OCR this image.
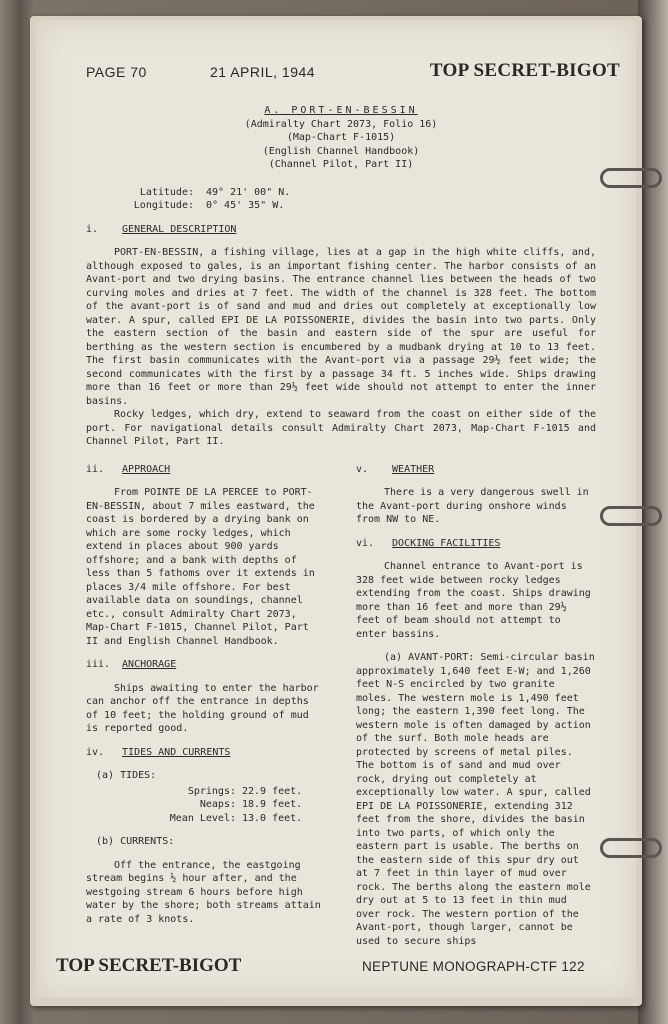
PAGE 70	21 APRIL, 1944	TOP SECRET-BIGOT
A. PORT-EN-BESSIN
(Admiralty Chart 2073, Folio 16)
(Map-Chart F-1015)
(English Channel Handbook)
(Channel Pilot, Part II)
Latitude: 49° 21' 00" N.
Longitude: 0° 45' 35" W.
i. GENERAL DESCRIPTION

PORT-EN-BESSIN, a fishing village, lies at a gap in the high white cliffs, and, although exposed to gales, is an important fishing center. The harbor consists of an Avant-port and two drying basins. The entrance channel lies between the heads of two curving moles and dries at 7 feet. The width of the channel is 328 feet. The bottom of the avant-port is of sand and mud and dries out completely at exceptionally low water. A spur, called EPI DE LA POISSONERIE, divides the basin into two parts. Only the eastern section of the basin and eastern side of the spur are useful for berthing as the western section is encumbered by a mudbank drying at 10 to 13 feet. The first basin communicates with the Avant-port via a passage 29½ feet wide; the second communicates with the first by a passage 34 ft. 5 inches wide. Ships drawing more than 16 feet or more than 29½ feet wide should not attempt to enter the inner basins.

Rocky ledges, which dry, extend to seaward from the coast on either side of the port. For navigational details consult Admiralty Chart 2073, Map-Chart F-1015 and Channel Pilot, Part II.

ii. APPROACH

From POINTE DE LA PERCEE to PORT-EN-BESSIN, about 7 miles eastward, the coast is bordered by a drying bank on which are some rocky ledges, which extend in places about 900 yards offshore; and a bank with depths of less than 5 fathoms over it extends in places 3/4 mile offshore. For best available data on soundings, channel etc., consult Admiralty Chart 2073, Map-Chart F-1015, Channel Pilot, Part II and English Channel Handbook.

iii. ANCHORAGE

Ships awaiting to enter the harbor can anchor off the entrance in depths of 10 feet; the holding ground of mud is reported good.

iv. TIDES AND CURRENTS
(a) TIDES:
Springs: 22.9 feet.
Neaps: 18.9 feet.
Mean Level: 13.0 feet.
(b) CURRENTS:

Off the entrance, the eastgoing stream begins ½ hour after, and the westgoing stream 6 hours before high water by the shore; both streams attain a rate of 3 knots.

v. WEATHER

There is a very dangerous swell in the Avant-port during onshore winds from NW to NE.

vi. DOCKING FACILITIES

Channel entrance to Avant-port is 328 feet wide between rocky ledges extending from the coast. Ships drawing more than 16 feet and more than 29½ feet of beam should not attempt to enter bassins.

(a) AVANT-PORT: Semi-circular basin approximately 1,640 feet E-W; and 1,260 feet N-S encircled by two granite moles. The western mole is 1,490 feet long; the eastern 1,390 feet long. The western mole is often damaged by action of the surf. Both mole heads are protected by screens of metal piles. The bottom is of sand and mud over rock, drying out completely at exceptionally low water. A spur, called EPI DE LA POISSONERIE, extending 312 feet from the shore, divides the basin into two parts, of which only the eastern part is usable. The berths on the eastern side of this spur dry out at 7 feet in thin layer of mud over rock. The berths along the eastern mole dry out at 5 to 13 feet in thin mud over rock. The western portion of the Avant-port, though larger, cannot be used to secure ships

TOP SECRET-BIGOT	NEPTUNE MONOGRAPH-CTF 122
